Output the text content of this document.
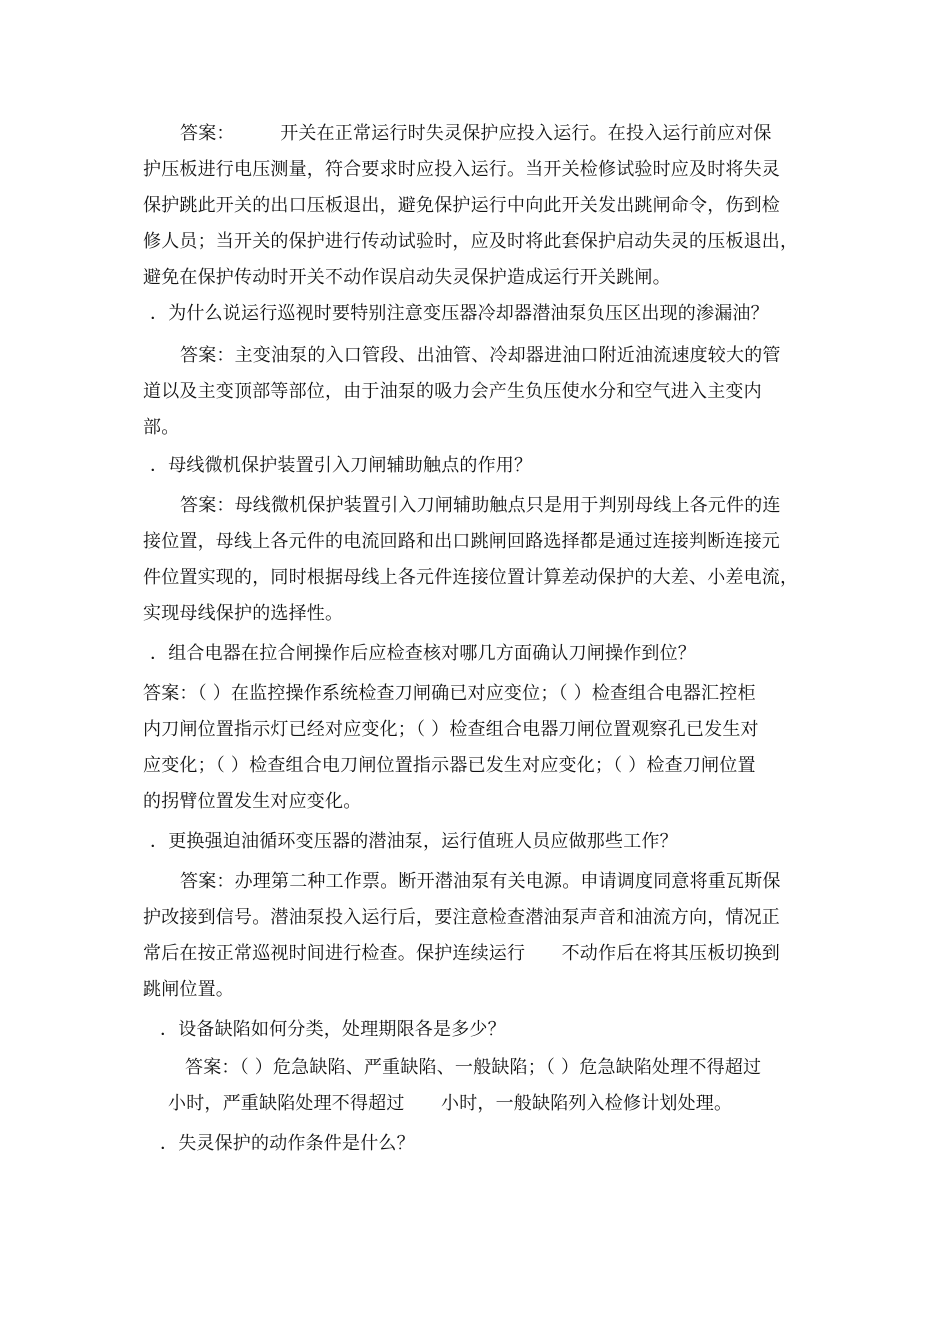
答案：　　　开关在正常运行时失灵保护应投入运行。在投入运行前应对保
护压板进行电压测量，符合要求时应投入运行。当开关检修试验时应及时将失灵
保护跳此开关的出口压板退出，避免保护运行中向此开关发出跳闸命令，伤到检
修人员；当开关的保护进行传动试验时，应及时将此套保护启动失灵的压板退出，
避免在保护传动时开关不动作误启动失灵保护造成运行开关跳闸。
．为什么说运行巡视时要特别注意变压器冷却器潜油泵负压区出现的渗漏油？
答案：主变油泵的入口管段、出油管、冷却器进油口附近油流速度较大的管
道以及主变顶部等部位，由于油泵的吸力会产生负压使水分和空气进入主变内
部。
．母线微机保护装置引入刀闸辅助触点的作用？
答案：母线微机保护装置引入刀闸辅助触点只是用于判别母线上各元件的连
接位置，母线上各元件的电流回路和出口跳闸回路选择都是通过连接判断连接元
件位置实现的，同时根据母线上各元件连接位置计算差动保护的大差、小差电流，
实现母线保护的选择性。
．组合电器在拉合闸操作后应检查核对哪几方面确认刀闸操作到位？
答案：（ ）在监控操作系统检查刀闸确已对应变位；（ ）检查组合电器汇控柜
内刀闸位置指示灯已经对应变化；（ ）检查组合电器刀闸位置观察孔已发生对
应变化；（ ）检查组合电刀闸位置指示器已发生对应变化；（ ）检查刀闸位置
的拐臂位置发生对应变化。
．更换强迫油循环变压器的潜油泵，运行值班人员应做那些工作？
答案：办理第二种工作票。断开潜油泵有关电源。申请调度同意将重瓦斯保
护改接到信号。潜油泵投入运行后，要注意检查潜油泵声音和油流方向，情况正
常后在按正常巡视时间进行检查。保护连续运行　　不动作后在将其压板切换到
跳闸位置。
．设备缺陷如何分类，处理期限各是多少？
答案：（ ）危急缺陷、严重缺陷、一般缺陷；（ ）危急缺陷处理不得超过
小时，严重缺陷处理不得超过　　小时，一般缺陷列入检修计划处理。
．失灵保护的动作条件是什么？
